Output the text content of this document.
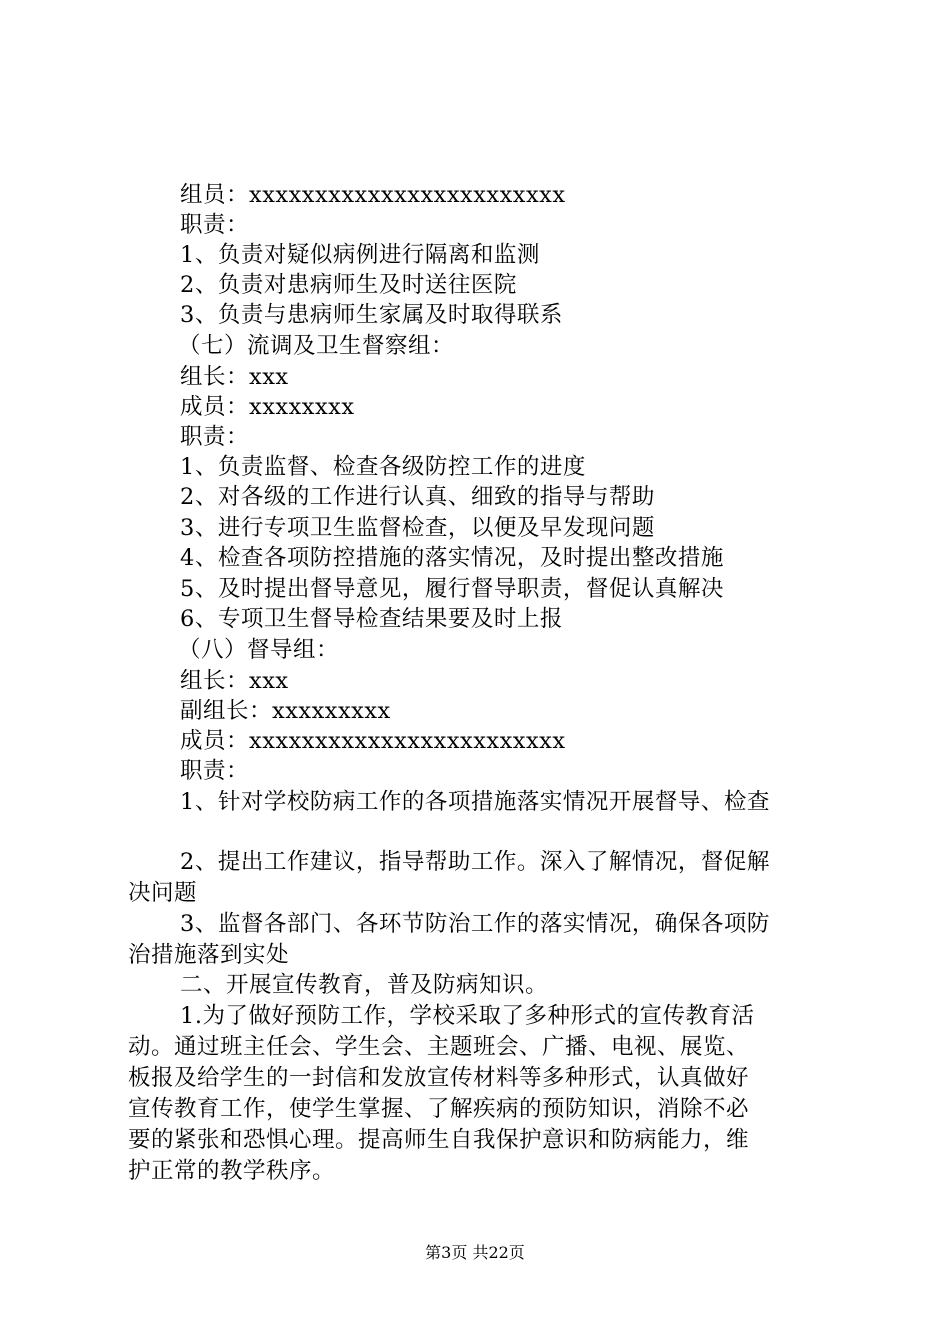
组员：xxxxxxxxxxxxxxxxxxxxxxxx
职责：
1、负责对疑似病例进行隔离和监测
2、负责对患病师生及时送往医院
3、负责与患病师生家属及时取得联系
（七）流调及卫生督察组：
组长：xxx
成员：xxxxxxxx
职责：
1、负责监督、检查各级防控工作的进度
2、对各级的工作进行认真、细致的指导与帮助
3、进行专项卫生监督检查，以便及早发现问题
4、检查各项防控措施的落实情况，及时提出整改措施
5、及时提出督导意见，履行督导职责，督促认真解决
6、专项卫生督导检查结果要及时上报
（八）督导组：
组长：xxx
副组长：xxxxxxxxx
成员：xxxxxxxxxxxxxxxxxxxxxxxx
职责：
1、针对学校防病工作的各项措施落实情况开展督导、检查
2、提出工作建议，指导帮助工作。深入了解情况，督促解
决问题
3、监督各部门、各环节防治工作的落实情况，确保各项防
治措施落到实处
二、开展宣传教育，普及防病知识。
1.为了做好预防工作，学校采取了多种形式的宣传教育活
动。通过班主任会、学生会、主题班会、广播、电视、展览、
板报及给学生的一封信和发放宣传材料等多种形式，认真做好
宣传教育工作，使学生掌握、了解疾病的预防知识，消除不必
要的紧张和恐惧心理。提高师生自我保护意识和防病能力，维
护正常的教学秩序。
第3页 共22页
